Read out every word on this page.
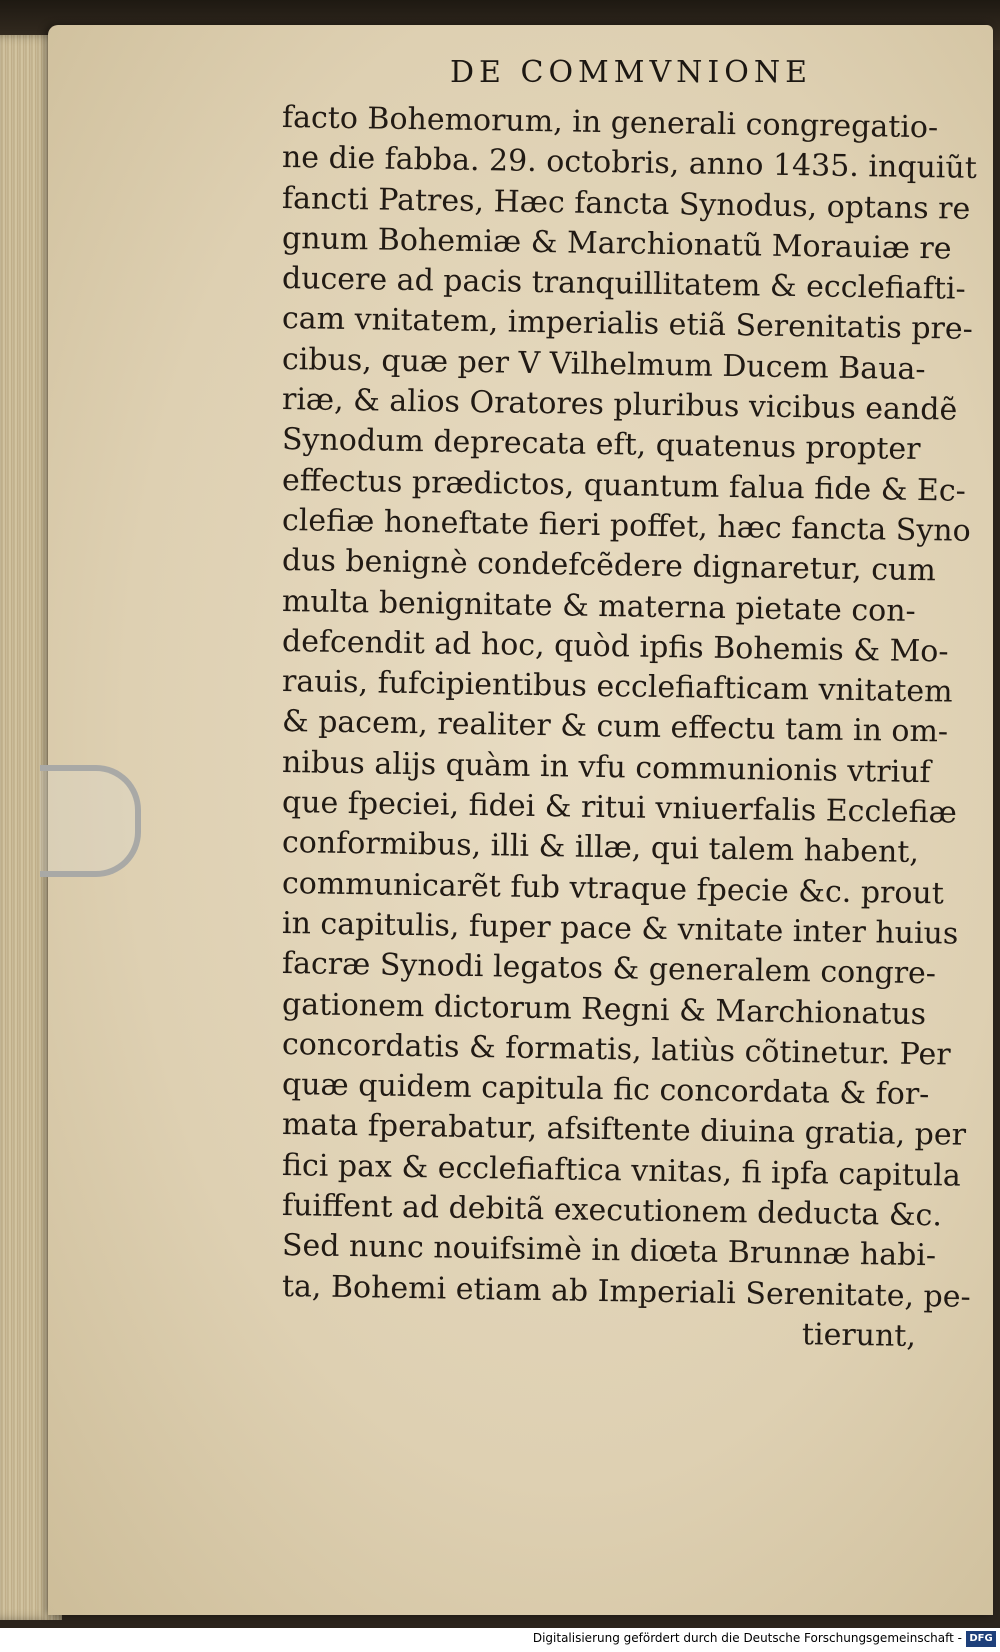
DE COMMVNIONE
facto Bohemorum, in generali congregatio-
ne die fabba. 29. octobris, anno 1435. inquiũt
fancti Patres, Hæc fancta Synodus, optans re
gnum Bohemiæ & Marchionatũ Morauiæ re
ducere ad pacis tranquillitatem & ecclefiafti-
cam vnitatem, imperialis etiã Serenitatis pre-
cibus, quæ per V Vilhelmum Ducem Baua-
riæ, & alios Oratores pluribus vicibus eandẽ
Synodum deprecata eft, quatenus propter
effectus prædictos, quantum falua fide & Ec-
clefiæ honeftate fieri poffet, hæc fancta Syno
dus benignè condefcẽdere dignaretur, cum
multa benignitate & materna pietate con-
defcendit ad hoc, quòd ipfis Bohemis & Mo-
rauis, fufcipientibus ecclefiafticam vnitatem
& pacem, realiter & cum effectu tam in om-
nibus alijs quàm in vfu communionis vtriuf
que fpeciei, fidei & ritui vniuerfalis Ecclefiæ
conformibus, illi & illæ, qui talem habent,
communicarẽt fub vtraque fpecie &c. prout
in capitulis, fuper pace & vnitate inter huius
facræ Synodi legatos & generalem congre-
gationem dictorum Regni & Marchionatus
concordatis & formatis, latiùs cõtinetur. Per
quæ quidem capitula fic concordata & for-
mata fperabatur, afsiftente diuina gratia, per
fici pax & ecclefiaftica vnitas, fi ipfa capitula
fuiffent ad debitã executionem deducta &c.
Sed nunc nouifsimè in diœta Brunnæ habi-
ta, Bohemi etiam ab Imperiali Serenitate, pe-
tierunt,
Digitalisierung gefördert durch die Deutsche Forschungsgemeinschaft - DFG
